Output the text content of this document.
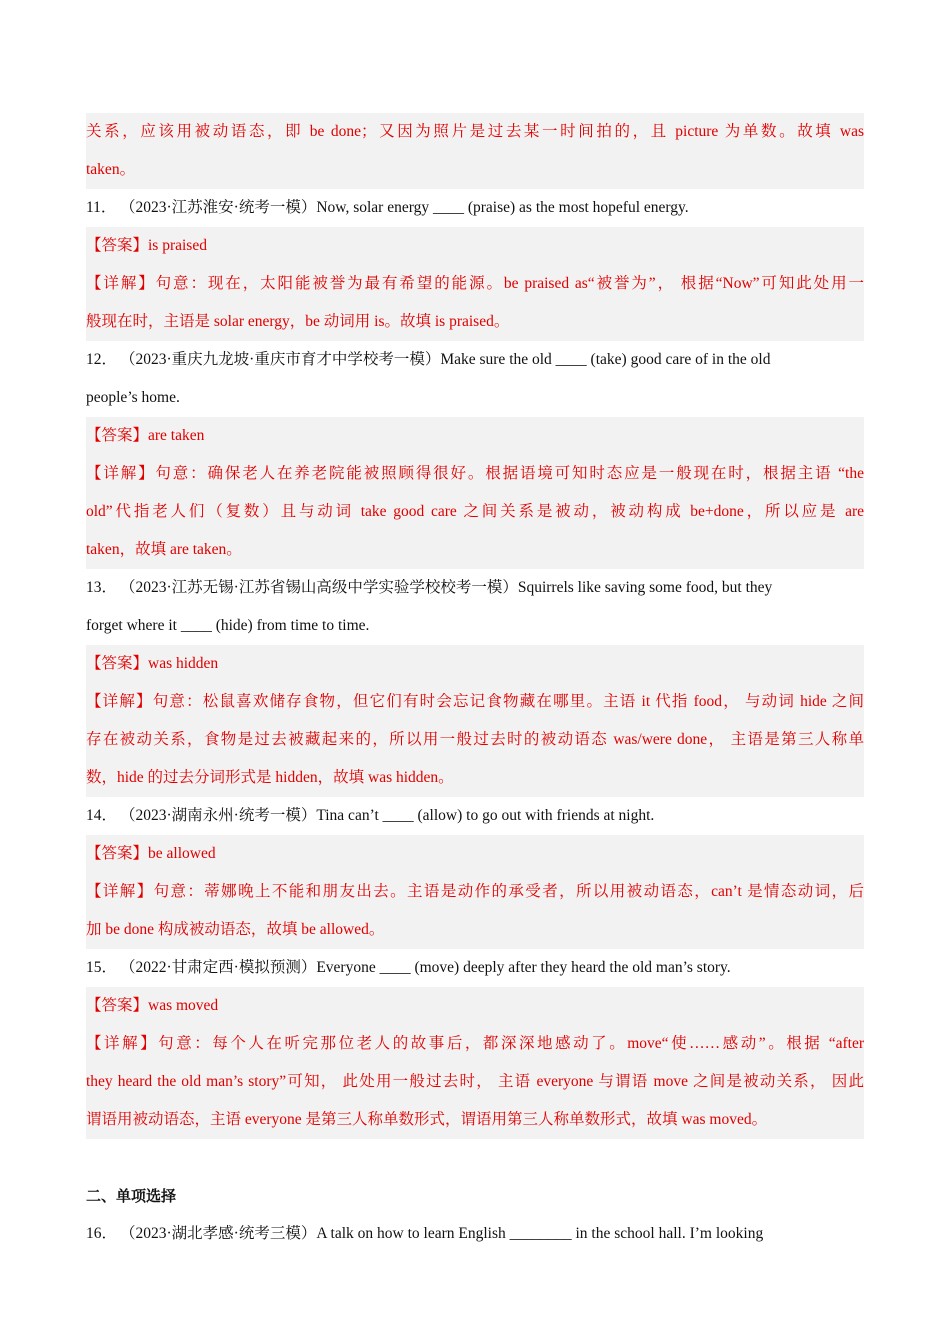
关系，应该用被动语态，即 be done；又因为照片是过去某一时间拍的，且 picture 为单数。故填 was
taken。
11． （2023·江苏淮安·统考一模）Now, solar energy ____ (praise) as the most hopeful energy.
【答案】is praised
【详解】句意：现在，太阳能被誉为最有希望的能源。be praised as“被誉为”， 根据“Now”可知此处用一
般现在时，主语是 solar energy，be 动词用 is。故填 is praised。
12． （2023·重庆九龙坡·重庆市育才中学校考一模）Make sure the old ____ (take) good care of in the old
people’s home.
【答案】are taken
【详解】句意：确保老人在养老院能被照顾得很好。根据语境可知时态应是一般现在时，根据主语 “the
old”代指老人们（复数）且与动词 take good care 之间关系是被动，被动构成 be+done，所以应是 are
taken，故填 are taken。
13． （2023·江苏无锡·江苏省锡山高级中学实验学校校考一模）Squirrels like saving some food, but they
forget where it ____ (hide) from time to time.
【答案】was hidden
【详解】句意：松鼠喜欢储存食物，但它们有时会忘记食物藏在哪里。主语 it 代指 food， 与动词 hide 之间
存在被动关系，食物是过去被藏起来的，所以用一般过去时的被动语态 was/were done， 主语是第三人称单
数，hide 的过去分词形式是 hidden，故填 was hidden。
14． （2023·湖南永州·统考一模）Tina can’t ____ (allow) to go out with friends at night.
【答案】be allowed
【详解】句意：蒂娜晚上不能和朋友出去。主语是动作的承受者，所以用被动语态，can’t 是情态动词，后
加 be done 构成被动语态，故填 be allowed。
15． （2022·甘肃定西·模拟预测）Everyone ____ (move) deeply after they heard the old man’s story.
【答案】was moved
【详解】句意：每个人在听完那位老人的故事后，都深深地感动了。move“使……感动”。根据 “after
they heard the old man’s story”可知， 此处用一般过去时， 主语 everyone 与谓语 move 之间是被动关系， 因此
谓语用被动语态，主语 everyone 是第三人称单数形式，谓语用第三人称单数形式，故填 was moved。
二、单项选择
16． （2023·湖北孝感·统考三模）A talk on how to learn English ________ in the school hall. I’m looking
